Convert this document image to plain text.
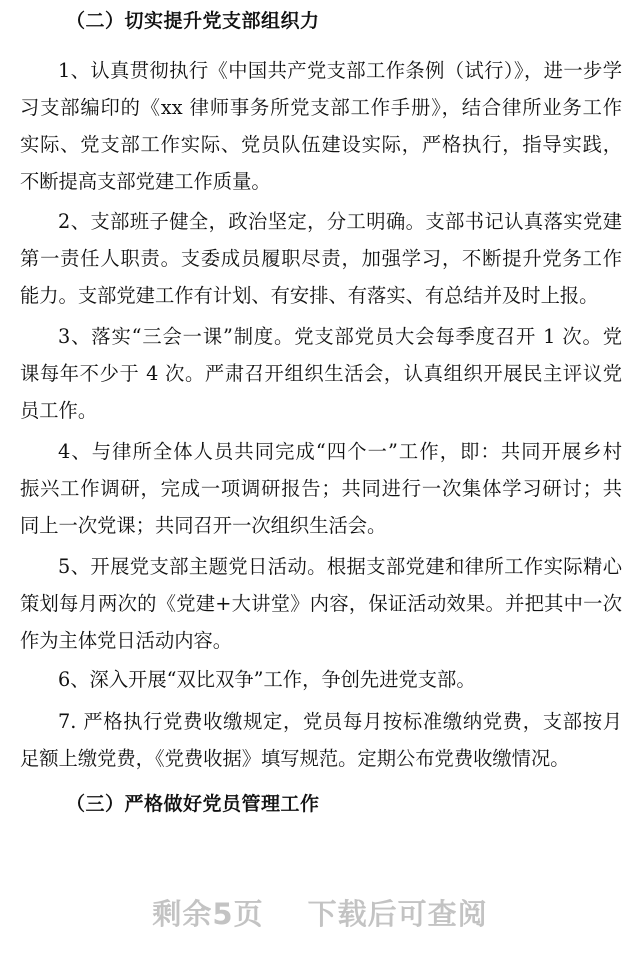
（二）切实提升党支部组织力
1、认真贯彻执行《中国共产党支部工作条例（试行）》，进一步学
习支部编印的《xx 律师事务所党支部工作手册》，结合律所业务工作
实际、党支部工作实际、党员队伍建设实际，严格执行，指导实践，
不断提高支部党建工作质量。
2、支部班子健全，政治坚定，分工明确。支部书记认真落实党建
第一责任人职责。支委成员履职尽责，加强学习，不断提升党务工作
能力。支部党建工作有计划、有安排、有落实、有总结并及时上报。
3、落实“三会一课”制度。党支部党员大会每季度召开 1 次。党
课每年不少于 4 次。严肃召开组织生活会，认真组织开展民主评议党
员工作。
4、与律所全体人员共同完成“四个一”工作，即：共同开展乡村
振兴工作调研，完成一项调研报告；共同进行一次集体学习研讨；共
同上一次党课；共同召开一次组织生活会。
5、开展党支部主题党日活动。根据支部党建和律所工作实际精心
策划每月两次的《党建+大讲堂》内容，保证活动效果。并把其中一次
作为主体党日活动内容。
6、深入开展“双比双争”工作，争创先进党支部。
7. 严格执行党费收缴规定，党员每月按标准缴纳党费，支部按月
足额上缴党费，《党费收据》填写规范。定期公布党费收缴情况。
（三）严格做好党员管理工作
剩余5页 下载后可查阅
